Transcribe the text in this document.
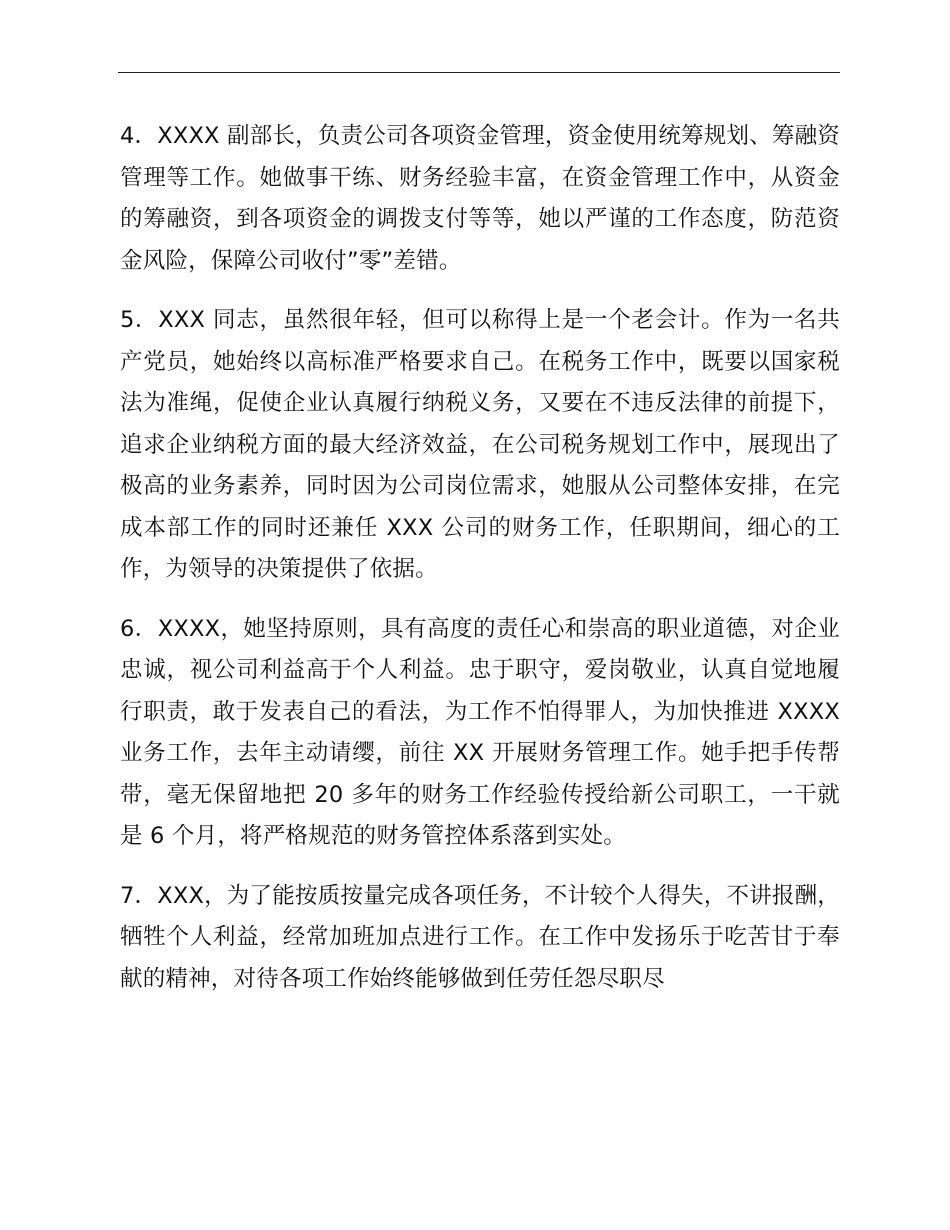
4．XXXX 副部长，负责公司各项资金管理，资金使用统筹规划、筹融资管理等工作。她做事干练、财务经验丰富，在资金管理工作中，从资金的筹融资，到各项资金的调拨支付等等，她以严谨的工作态度，防范资金风险，保障公司收付”零”差错。

5．XXX 同志，虽然很年轻，但可以称得上是一个老会计。作为一名共产党员，她始终以高标准严格要求自己。在税务工作中，既要以国家税法为准绳，促使企业认真履行纳税义务，又要在不违反法律的前提下，追求企业纳税方面的最大经济效益，在公司税务规划工作中，展现出了极高的业务素养，同时因为公司岗位需求，她服从公司整体安排，在完成本部工作的同时还兼任 XXX 公司的财务工作，任职期间，细心的工作，为领导的决策提供了依据。

6．XXXX，她坚持原则，具有高度的责任心和崇高的职业道德，对企业忠诚，视公司利益高于个人利益。忠于职守，爱岗敬业，认真自觉地履行职责，敢于发表自己的看法，为工作不怕得罪人，为加快推进 XXXX 业务工作，去年主动请缨，前往 XX 开展财务管理工作。她手把手传帮带，毫无保留地把 20 多年的财务工作经验传授给新公司职工，一干就是 6 个月，将严格规范的财务管控体系落到实处。

7．XXX，为了能按质按量完成各项任务，不计较个人得失，不讲报酬，牺牲个人利益，经常加班加点进行工作。在工作中发扬乐于吃苦甘于奉献的精神，对待各项工作始终能够做到任劳任怨尽职尽
